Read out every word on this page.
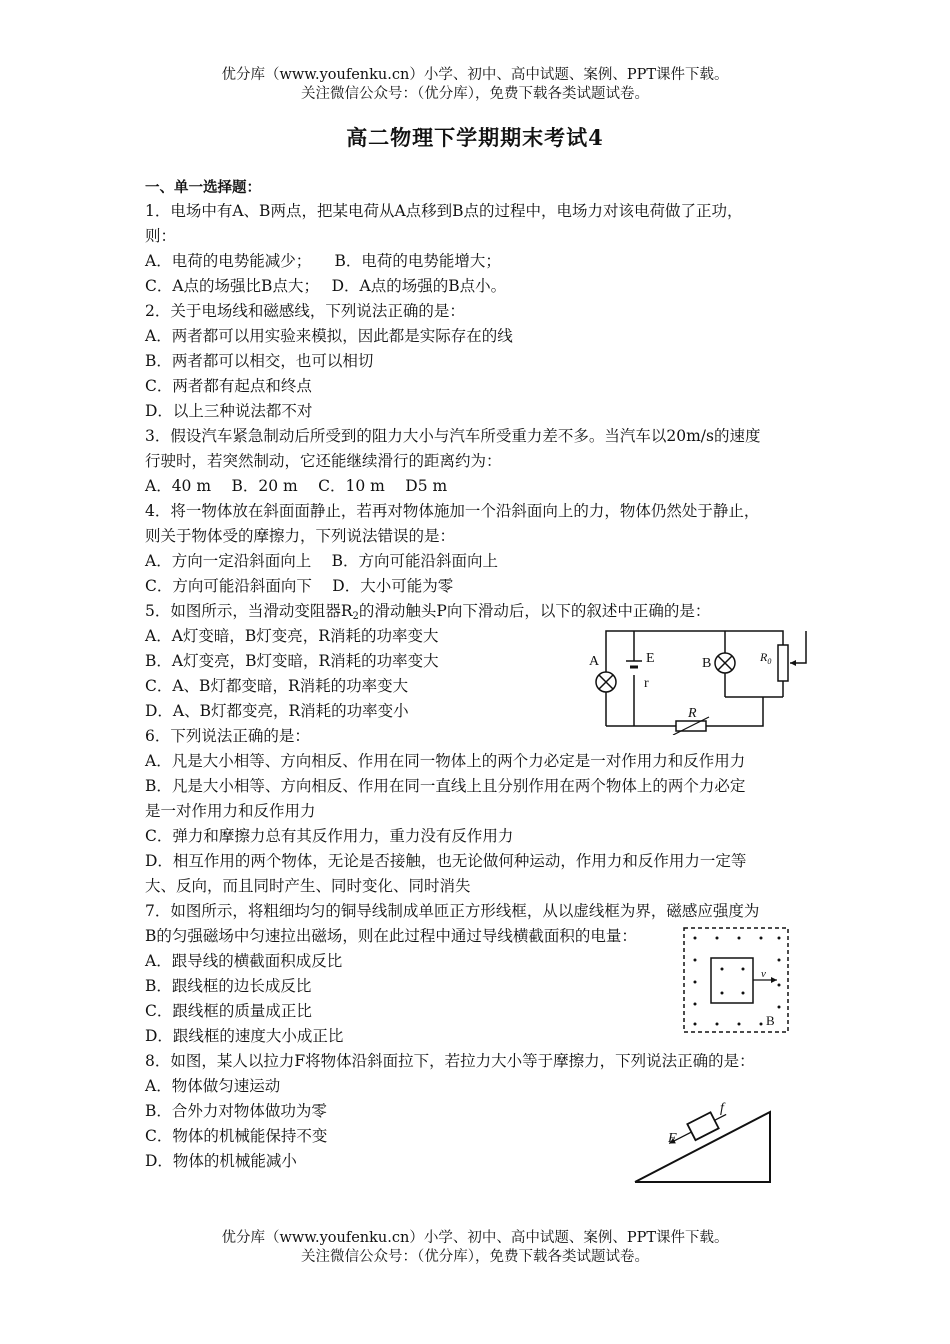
优分库（www.youfenku.cn）小学、初中、高中试题、案例、PPT课件下载。
关注微信公众号：（优分库），免费下载各类试题试卷。
高二物理下学期期末考试4
一、单一选择题：
1．电场中有A、B两点，把某电荷从A点移到B点的过程中，电场力对该电荷做了正功，
则：
A．电荷的电势能减少；　　B．电荷的电势能增大；
C．A点的场强比B点大；　 D．A点的场强的B点小。
2．关于电场线和磁感线，下列说法正确的是：
A．两者都可以用实验来模拟，因此都是实际存在的线
B．两者都可以相交，也可以相切
C．两者都有起点和终点
D．以上三种说法都不对
3．假设汽车紧急制动后所受到的阻力大小与汽车所受重力差不多。当汽车以20m/s的速度
行驶时，若突然制动，它还能继续滑行的距离约为：
A．40 m　 B．20 m　 C．10 m　 D5 m
4．将一物体放在斜面面静止，若再对物体施加一个沿斜面向上的力，物体仍然处于静止，
则关于物体受的摩擦力，下列说法错误的是：
A．方向一定沿斜面向上　 B．方向可能沿斜面向上
C．方向可能沿斜面向下　 D．大小可能为零
5．如图所示，当滑动变阻器$R_2$的滑动触头P向下滑动后，以下的叙述中正确的是：
A．A灯变暗，B灯变亮，R消耗的功率变大
B．A灯变亮，B灯变暗，R消耗的功率变大
C．A、B灯都变暗，R消耗的功率变大
D．A、B灯都变亮，R消耗的功率变小
A	E
r
B	$R_0$
R
6．下列说法正确的是：
A．凡是大小相等、方向相反、作用在同一物体上的两个力必定是一对作用力和反作用力
B．凡是大小相等、方向相反、作用在同一直线上且分别作用在两个物体上的两个力必定
是一对作用力和反作用力
C．弹力和摩擦力总有其反作用力，重力没有反作用力
D．相互作用的两个物体，无论是否接触，也无论做何种运动，作用力和反作用力一定等
大、反向，而且同时产生、同时变化、同时消失
7．如图所示，将粗细均匀的铜导线制成单匝正方形线框，从以虚线框为界，磁感应强度为
B的匀强磁场中匀速拉出磁场，则在此过程中通过导线横截面积的电量：
A．跟导线的横截面积成反比
B．跟线框的边长成反比
C．跟线框的质量成正比
D．跟线框的速度大小成正比
v
B
8．如图，某人以拉力F将物体沿斜面拉下，若拉力大小等于摩擦力，下列说法正确的是：
A．物体做匀速运动
B．合外力对物体做功为零
C．物体的机械能保持不变
D．物体的机械能减小
F
f
优分库（www.youfenku.cn）小学、初中、高中试题、案例、PPT课件下载。
关注微信公众号：（优分库），免费下载各类试题试卷。
